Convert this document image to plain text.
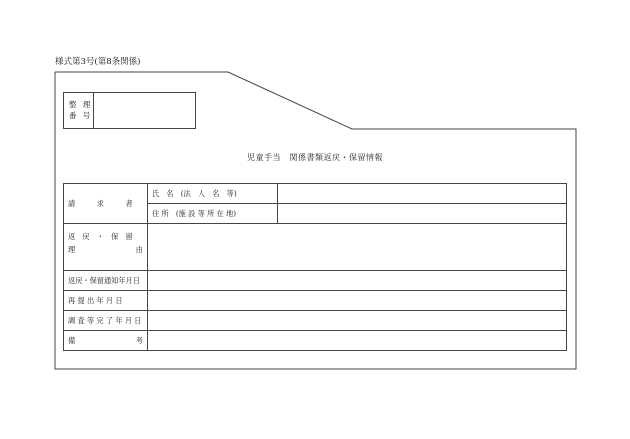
様式第3号(第8条関係)
整 理
番 号
児童手当　関係書類返戻・保留情報
請　　　求　　　者	氏　名　(法　人　名　等)	
	住 所　(施 設 等 所 在 地)	

返　戻　・　保　留
理 由		

返戻・保留通知年月日		
再 提 出 年 月 日		
調 査 等 完 了 年 月 日		

備 考		
